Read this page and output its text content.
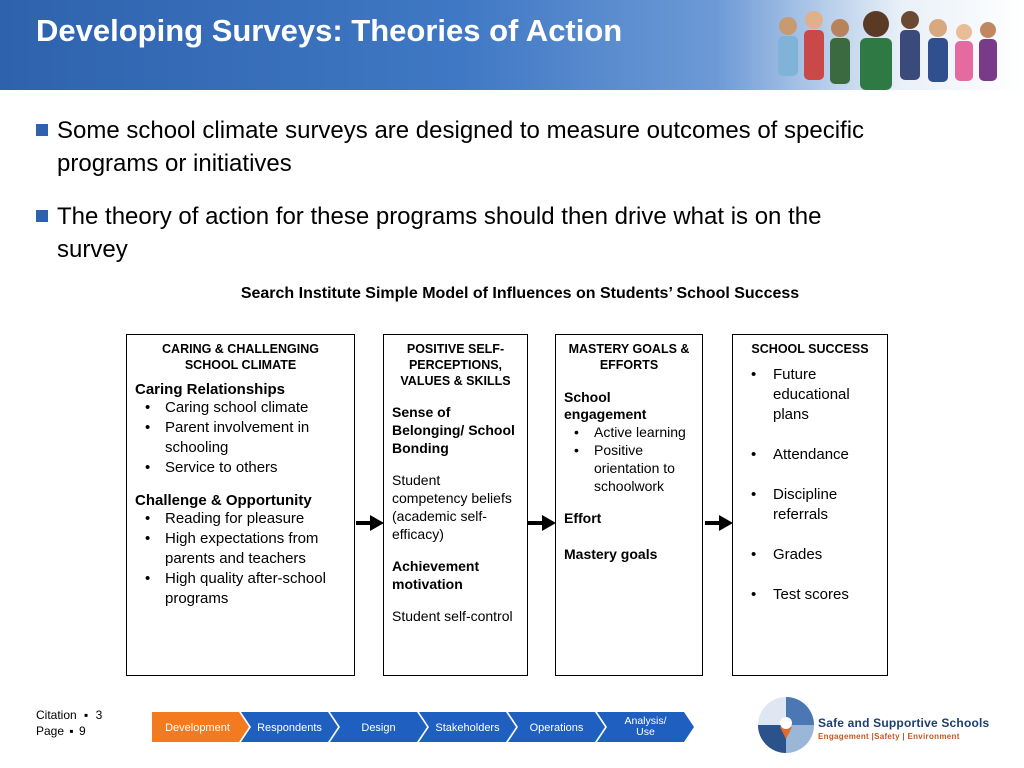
Developing Surveys: Theories of Action
Some school climate surveys are designed to measure outcomes of specific programs or initiatives
The theory of action for these programs should then drive what is on the survey
Search Institute Simple Model of Influences on Students’ School Success
CARING & CHALLENGING SCHOOL CLIMATE
Caring Relationships
• Caring school climate
• Parent involvement in schooling
• Service to others
Challenge & Opportunity
• Reading for pleasure
• High expectations from parents and teachers
• High quality after-school programs
POSITIVE SELF-PERCEPTIONS, VALUES & SKILLS
Sense of Belonging/ School Bonding
Student competency beliefs (academic self-efficacy)
Achievement motivation
Student self-control
MASTERY GOALS & EFFORTS
School engagement
• Active learning
• Positive orientation to schoolwork
Effort
Mastery goals
SCHOOL SUCCESS
• Future educational plans
• Attendance
• Discipline referrals
• Grades
• Test scores
Citation ▪ 3
Page ▪ 9	Development Respondents	Design	Stakeholders	Operations
Analysis/
Use
Safe and Supportive Schools
Engagement |Safety | Environment
